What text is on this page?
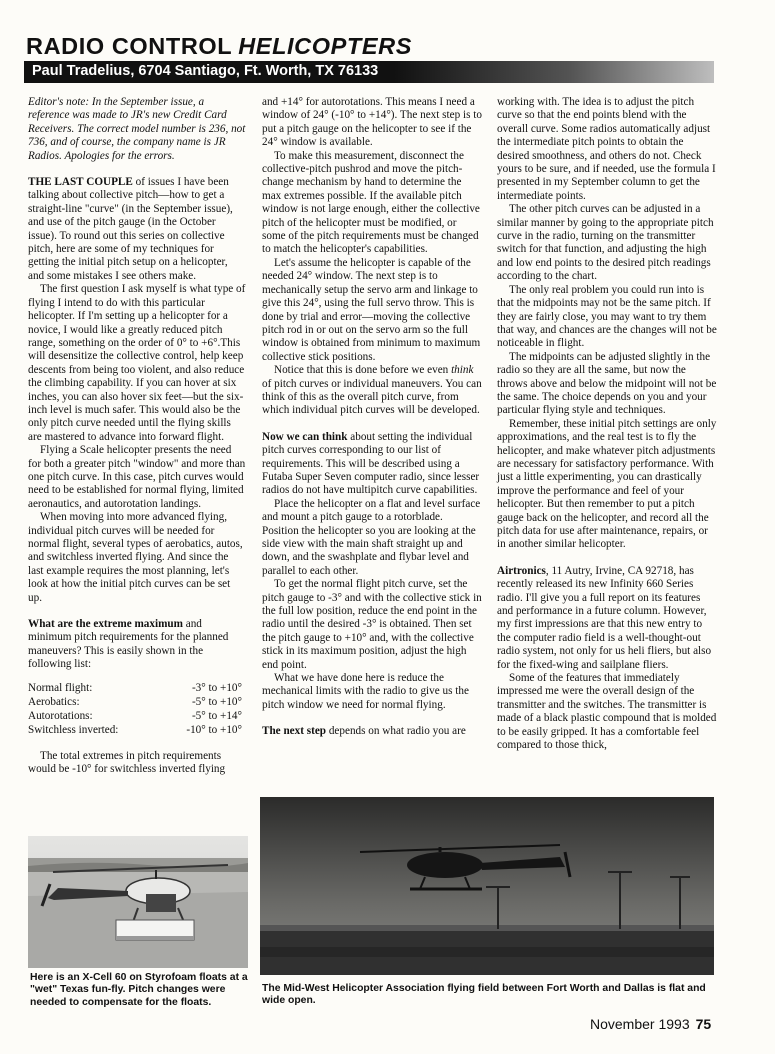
RADIO CONTROL HELICOPTERS
Paul Tradelius, 6704 Santiago, Ft. Worth, TX 76133

Editor's note: In the September issue, a reference was made to JR's new Credit Card Receivers. The correct model number is 236, not 736, and of course, the company name is JR Radios. Apologies for the errors.

THE LAST COUPLE of issues I have been talking about collective pitch—how to get a straight-line "curve" (in the September issue), and use of the pitch gauge (in the October issue). To round out this series on collective pitch, here are some of my techniques for getting the initial pitch setup on a helicopter, and some mistakes I see others make.

The first question I ask myself is what type of flying I intend to do with this particular helicopter. If I'm setting up a helicopter for a novice, I would like a greatly reduced pitch range, something on the order of 0° to +6°.This will desensitize the collective control, help keep descents from being too violent, and also reduce the climbing capability. If you can hover at six inches, you can also hover six feet—but the six-inch level is much safer. This would also be the only pitch curve needed until the flying skills are mastered to advance into forward flight.

Flying a Scale helicopter presents the need for both a greater pitch "window" and more than one pitch curve. In this case, pitch curves would need to be established for normal flying, limited aeronautics, and autorotation landings.

When moving into more advanced flying, individual pitch curves will be needed for normal flight, several types of aerobatics, autos, and switchless inverted flying. And since the last example requires the most planning, let's look at how the initial pitch curves can be set up.

What are the extreme maximum and minimum pitch requirements for the planned maneuvers? This is easily shown in the following list:

Normal flight:	-3° to +10°
Aerobatics:	-5° to +10°
Autorotations:	-5° to +14°
Switchless inverted:	-10° to +10°

The total extremes in pitch requirements would be -10° for switchless inverted flying

and +14° for autorotations. This means I need a window of 24° (-10° to +14°). The next step is to put a pitch gauge on the helicopter to see if the 24° window is available.

To make this measurement, disconnect the collective-pitch pushrod and move the pitch-change mechanism by hand to determine the max extremes possible. If the available pitch window is not large enough, either the collective pitch of the helicopter must be modified, or some of the pitch requirements must be changed to match the helicopter's capabilities.

Let's assume the helicopter is capable of the needed 24° window. The next step is to mechanically setup the servo arm and linkage to give this 24°, using the full servo throw. This is done by trial and error—moving the collective pitch rod in or out on the servo arm so the full window is obtained from minimum to maximum collective stick positions.

Notice that this is done before we even think of pitch curves or individual maneuvers. You can think of this as the overall pitch curve, from which individual pitch curves will be developed.

Now we can think about setting the individual pitch curves corresponding to our list of requirements. This will be described using a Futaba Super Seven computer radio, since lesser radios do not have multipitch curve capabilities.

Place the helicopter on a flat and level surface and mount a pitch gauge to a rotorblade. Position the helicopter so you are looking at the side view with the main shaft straight up and down, and the swashplate and flybar level and parallel to each other.

To get the normal flight pitch curve, set the pitch gauge to -3° and with the collective stick in the full low position, reduce the end point in the radio until the desired -3° is obtained. Then set the pitch gauge to +10° and, with the collective stick in its maximum position, adjust the high end point.

What we have done here is reduce the mechanical limits with the radio to give us the pitch window we need for normal flying.

The next step depends on what radio you are

working with. The idea is to adjust the pitch curve so that the end points blend with the overall curve. Some radios automatically adjust the intermediate pitch points to obtain the desired smoothness, and others do not. Check yours to be sure, and if needed, use the formula I presented in my September column to get the intermediate points.

The other pitch curves can be adjusted in a similar manner by going to the appropriate pitch curve in the radio, turning on the transmitter switch for that function, and adjusting the high and low end points to the desired pitch readings according to the chart.

The only real problem you could run into is that the midpoints may not be the same pitch. If they are fairly close, you may want to try them that way, and chances are the changes will not be noticeable in flight.

The midpoints can be adjusted slightly in the radio so they are all the same, but now the throws above and below the midpoint will not be the same. The choice depends on you and your particular flying style and techniques.

Remember, these initial pitch settings are only approximations, and the real test is to fly the helicopter, and make whatever pitch adjustments are necessary for satisfactory performance. With just a little experimenting, you can drastically improve the performance and feel of your helicopter. But then remember to put a pitch gauge back on the helicopter, and record all the pitch data for use after maintenance, repairs, or in another similar helicopter.

Airtronics, 11 Autry, Irvine, CA 92718, has recently released its new Infinity 660 Series radio. I'll give you a full report on its features and performance in a future column. However, my first impressions are that this new entry to the computer radio field is a well-thought-out radio system, not only for us heli fliers, but also for the fixed-wing and sailplane fliers.

Some of the features that immediately impressed me were the overall design of the transmitter and the switches. The transmitter is made of a black plastic compound that is molded to be easily gripped. It has a comfortable feel compared to those thick,

Here is an X-Cell 60 on Styrofoam floats at a "wet" Texas fun-fly. Pitch changes were needed to compensate for the floats.
The Mid-West Helicopter Association flying field between Fort Worth and Dallas is flat and wide open.
November 1993 75
